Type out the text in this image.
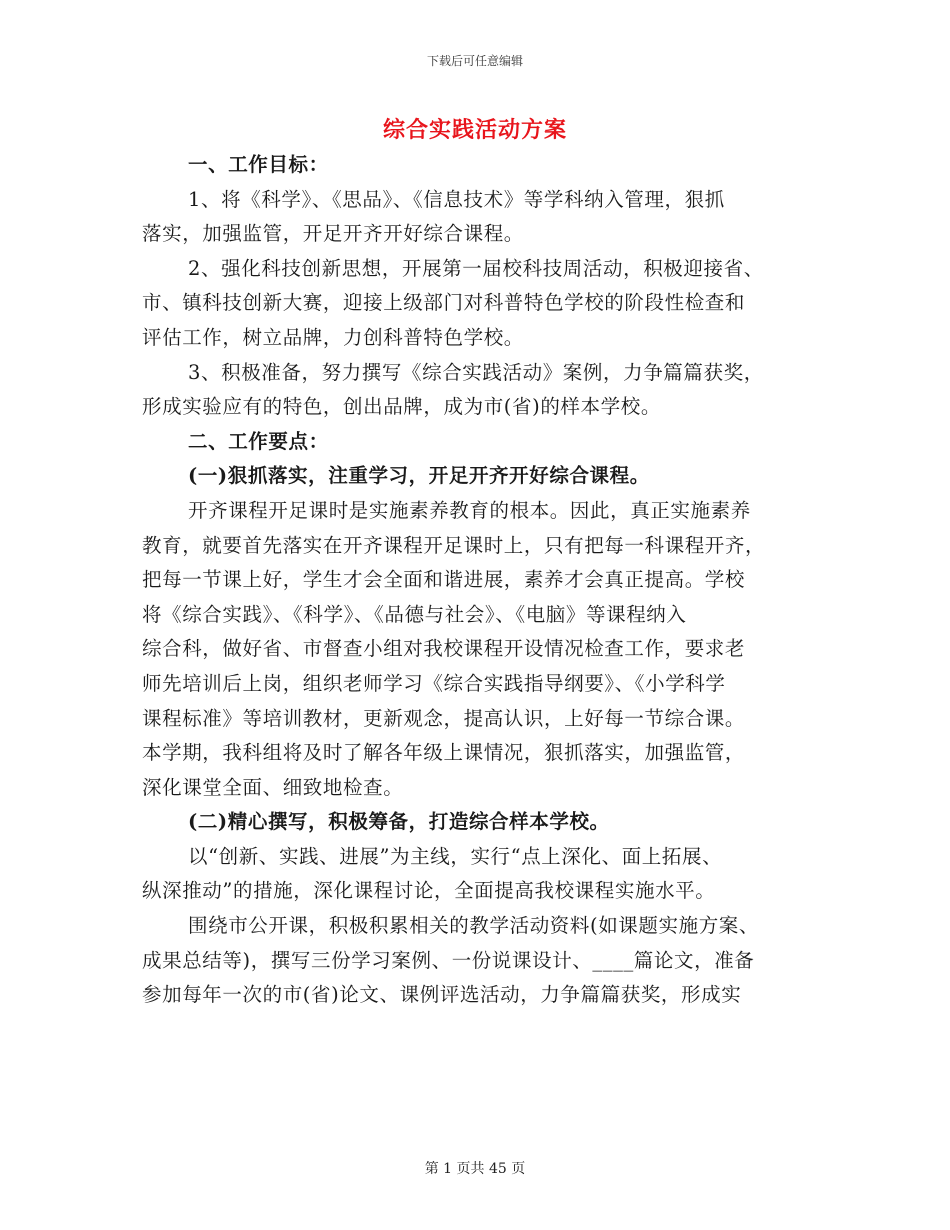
下载后可任意编辑
综合实践活动方案
一、工作目标：
1、将《科学》、《思品》、《信息技术》等学科纳入管理，狠抓
落实，加强监管，开足开齐开好综合课程。
2、强化科技创新思想，开展第一届校科技周活动，积极迎接省、
市、镇科技创新大赛，迎接上级部门对科普特色学校的阶段性检查和
评估工作，树立品牌，力创科普特色学校。
3、积极准备，努力撰写《综合实践活动》案例，力争篇篇获奖，
形成实验应有的特色，创出品牌，成为市(省)的样本学校。
二、工作要点：
(一)狠抓落实，注重学习，开足开齐开好综合课程。
开齐课程开足课时是实施素养教育的根本。因此，真正实施素养
教育，就要首先落实在开齐课程开足课时上，只有把每一科课程开齐，
把每一节课上好，学生才会全面和谐进展，素养才会真正提高。学校
将《综合实践》、《科学》、《品德与社会》、《电脑》等课程纳入
综合科，做好省、市督查小组对我校课程开设情况检查工作，要求老
师先培训后上岗，组织老师学习《综合实践指导纲要》、《小学科学
课程标准》等培训教材，更新观念，提高认识，上好每一节综合课。
本学期，我科组将及时了解各年级上课情况，狠抓落实，加强监管，
深化课堂全面、细致地检查。
(二)精心撰写，积极筹备，打造综合样本学校。
以“创新、实践、进展”为主线，实行“点上深化、面上拓展、
纵深推动”的措施，深化课程讨论，全面提高我校课程实施水平。
围绕市公开课，积极积累相关的教学活动资料(如课题实施方案、
成果总结等)，撰写三份学习案例、一份说课设计、____篇论文，准备
参加每年一次的市(省)论文、课例评选活动，力争篇篇获奖，形成实
第 1 页共 45 页
